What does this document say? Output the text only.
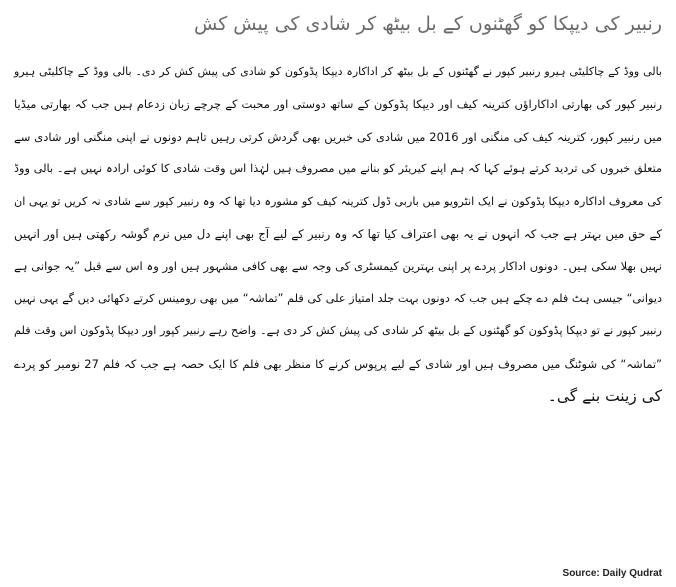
رنبیر کی دیپکا کو گھٹنوں کے بل بیٹھ کر شادی کی پیش کش
بالی ووڈ کے چاکلیٹی ہیرو رنبیر کپور نے گھٹنوں کے بل بیٹھ کر اداکارہ دیپکا پڈوکون کو شادی کی پیش کش کر دی۔ بالی ووڈ کے چاکلیٹی ہیرو
رنبیر کپور کی بھارتی اداکاراؤں کترینہ کیف اور دیپکا پڈوکون کے ساتھ دوستی اور محبت کے چرچے زبان زدعام ہیں جب کہ بھارتی میڈیا
میں رنبیر کپور، کترینہ کیف کی منگنی اور 2016 میں شادی کی خبریں بھی گردش کرتی رہیں تاہم دونوں نے اپنی منگنی اور شادی سے
متعلق خبروں کی تردید کرتے ہوئے کہا کہ ہم اپنے کیریئر کو بنانے میں مصروف ہیں لہٰذا اس وقت شادی کا کوئی ارادہ نہیں ہے۔ بالی ووڈ
کی معروف اداکارہ دیپکا پڈوکون نے ایک انٹرویو میں باربی ڈول کترینہ کیف کو مشورہ دیا تھا کہ وہ رنبیر کپور سے شادی نہ کریں تو یہی ان
کے حق میں بہتر ہے جب کہ انہوں نے یہ بھی اعتراف کیا تھا کہ وہ رنبیر کے لیے آج بھی اپنے دل میں نرم گوشہ رکھتی ہیں اور انہیں
نہیں بھلا سکی ہیں۔ دونوں اداکار پردے پر اپنی بہترین کیمسٹری کی وجہ سے بھی کافی مشہور ہیں اور وہ اس سے قبل ”یہ جوانی ہے
دیوانی“ جیسی ہٹ فلم دے چکے ہیں جب کہ دونوں بہت جلد امتیاز علی کی فلم ”تماشہ“ میں بھی رومینس کرتے دکھائی دیں گے یہی نہیں
رنبیر کپور نے تو دیپکا پڈوکون کو گھٹنوں کے بل بیٹھ کر شادی کی پیش کش کر دی ہے۔ واضح رہے رنبیر کپور اور دیپکا پڈوکون اس وقت فلم
”تماشہ“ کی شوٹنگ میں مصروف ہیں اور شادی کے لیے پرپوس کرنے کا منظر بھی فلم کا ایک حصہ ہے جب کہ فلم 27 نومبر کو پردے
کی زینت بنے گی۔
Source: Daily Qudrat
